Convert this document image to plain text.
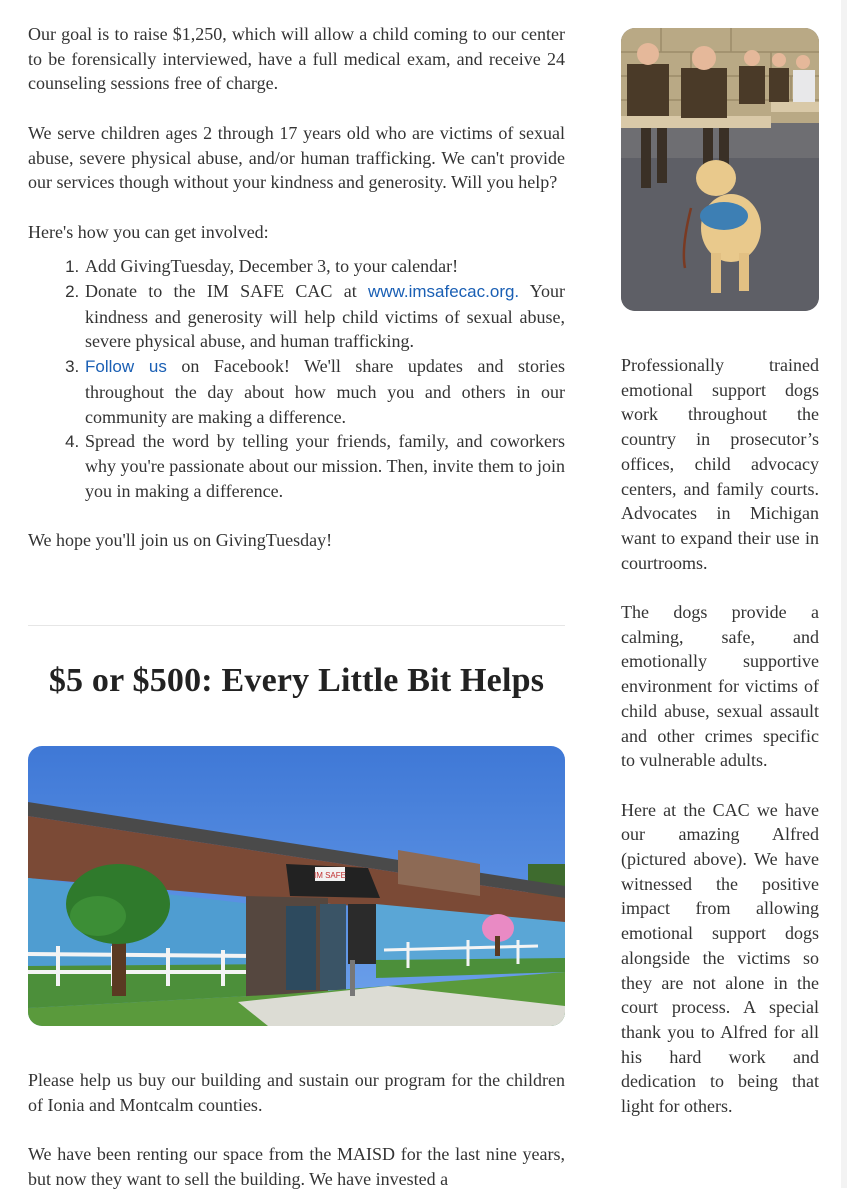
Our goal is to raise $1,250, which will allow a child coming to our center to be forensically interviewed, have a full medical exam, and receive 24 counseling sessions free of charge.

We serve children ages 2 through 17 years old who are victims of sexual abuse, severe physical abuse, and/or human trafficking. We can't provide our services though without your kindness and generosity. Will you help?

Here's how you can get involved:

1. Add GivingTuesday, December 3, to your calendar!
2. Donate to the IM SAFE CAC at www.imsafecac.org. Your kindness and generosity will help child victims of sexual abuse, severe physical abuse, and human trafficking.
3. Follow us on Facebook! We'll share updates and stories throughout the day about how much you and others in our community are making a difference.
4. Spread the word by telling your friends, family, and coworkers why you're passionate about our mission. Then, invite them to join you in making a difference.

We hope you'll join us on GivingTuesday!

$5 or $500: Every Little Bit Helps
IM SAFE

Please help us buy our building and sustain our program for the children of Ionia and Montcalm counties.

We have been renting our space from the MAISD for the last nine years, but now they want to sell the building. We have invested a

Professionally trained emotional support dogs work throughout the country in prosecutor’s offices, child advocacy centers, and family courts. Advocates in Michigan want to expand their use in courtrooms.

The dogs provide a calming, safe, and emotionally supportive environment for victims of child abuse, sexual assault and other crimes specific to vulnerable adults.

Here at the CAC we have our amazing Alfred (pictured above). We have witnessed the positive impact from allowing emotional support dogs alongside the victims so they are not alone in the court process. A special thank you to Alfred for all his hard work and dedication to being that light for others.
